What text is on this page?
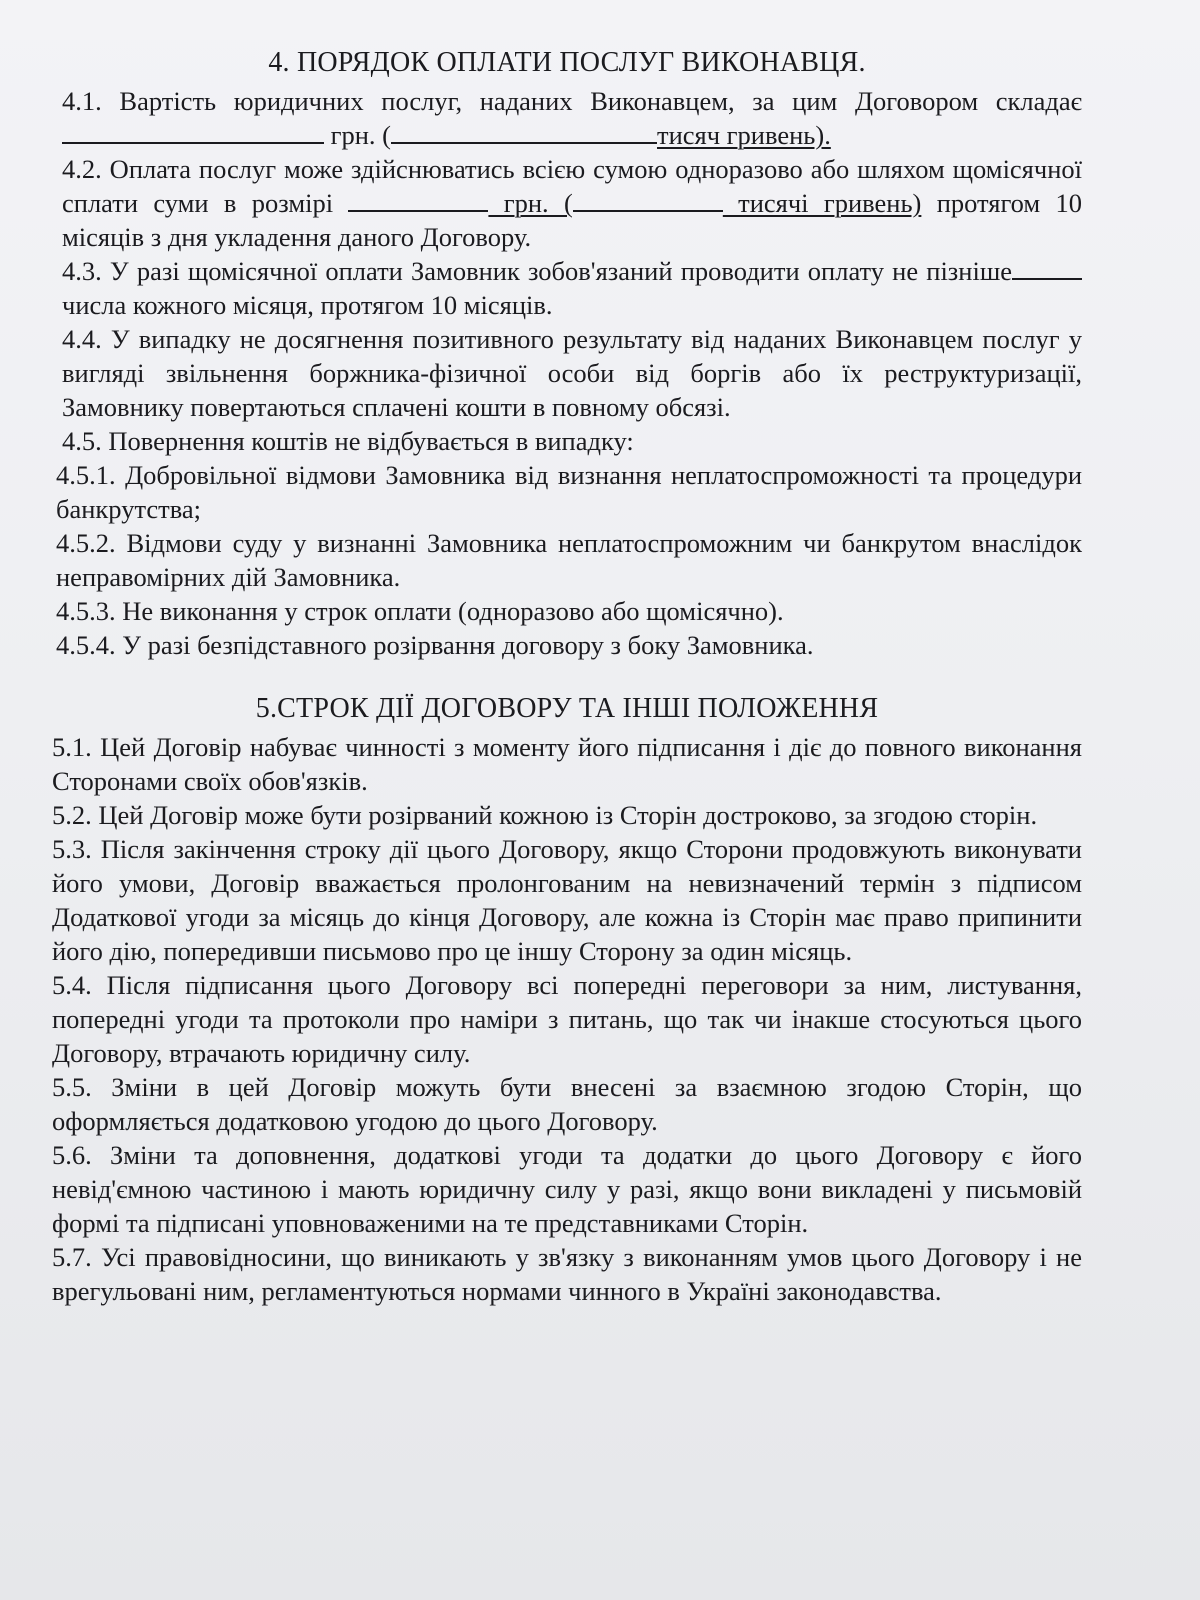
4. ПОРЯДОК ОПЛАТИ ПОСЛУГ ВИКОНАВЦЯ.

4.1. Вартість юридичних послуг, наданих Виконавцем, за цим Договором складає  грн. (	тисяч гривень).

4.2. Оплата послуг може здійснюватись всією сумою одноразово або шляхом щомісячної сплати суми в розмірі	грн. (	тисячі гривень) протягом 10 місяців з дня укладення даного Договору.

4.3. У разі щомісячної оплати Замовник зобов'язаний проводити оплату не пізнішечисла кожного місяця, протягом 10 місяців.

4.4. У випадку не досягнення позитивного результату від наданих Виконавцем послуг у вигляді звільнення боржника-фізичної особи від боргів або їх реструктуризації, Замовнику повертаються сплачені кошти в повному обсязі.

4.5. Повернення коштів не відбувається в випадку:

4.5.1. Добровільної відмови Замовника від визнання неплатоспроможності та процедури банкрутства;

4.5.2. Відмови суду у визнанні Замовника неплатоспроможним чи банкрутом внаслідок неправомірних дій Замовника.

4.5.3. Не виконання у строк оплати (одноразово або щомісячно).

4.5.4. У разі безпідставного розірвання договору з боку Замовника.

5.СТРОК ДІЇ ДОГОВОРУ ТА ІНШІ ПОЛОЖЕННЯ

5.1. Цей Договір набуває чинності з моменту його підписання і діє до повного виконання Сторонами своїх обов'язків.

5.2. Цей Договір може бути розірваний кожною із Сторін достроково, за згодою сторін.

5.3. Після закінчення строку дії цього Договору, якщо Сторони продовжують виконувати його умови, Договір вважається пролонгованим на невизначений термін з підписом Додаткової угоди за місяць до кінця Договору, але кожна із Сторін має право припинити його дію, попередивши письмово про це іншу Сторону за один місяць.

5.4. Після підписання цього Договору всі попередні переговори за ним, листування, попередні угоди та протоколи про наміри з питань, що так чи інакше стосуються цього Договору, втрачають юридичну силу.

5.5. Зміни в цей Договір можуть бути внесені за взаємною згодою Сторін, що оформляється додатковою угодою до цього Договору.

5.6. Зміни та доповнення, додаткові угоди та додатки до цього Договору є його невід'ємною частиною і мають юридичну силу у разі, якщо вони викладені у письмовій формі та підписані уповноваженими на те представниками Сторін.

5.7. Усі правовідносини, що виникають у зв'язку з виконанням умов цього Договору і не врегульовані ним, регламентуються нормами чинного в Україні законодавства.
